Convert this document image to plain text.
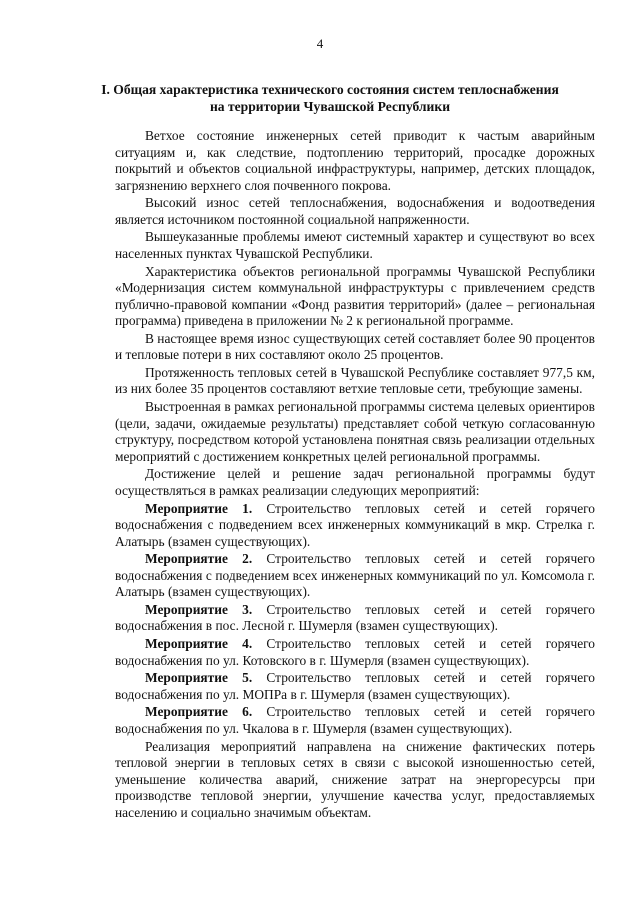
4
I. Общая характеристика технического состояния систем теплоснабжения
на территории Чувашской Республики

Ветхое состояние инженерных сетей приводит к частым аварийным ситуациям и, как следствие, подтоплению территорий, просадке дорожных покрытий и объектов социальной инфраструктуры, например, детских площадок, загрязнению верхнего слоя почвенного покрова.

Высокий износ сетей теплоснабжения, водоснабжения и водоотведения является источником постоянной социальной напряженности.

Вышеуказанные проблемы имеют системный характер и существуют во всех населенных пунктах Чувашской Республики.

Характеристика объектов региональной программы Чувашской Республики «Модернизация систем коммунальной инфраструктуры с привлечением средств публично-правовой компании «Фонд развития территорий» (далее – региональная программа) приведена в приложении № 2 к региональной программе.

В настоящее время износ существующих сетей составляет более 90 процентов и тепловые потери в них составляют около 25 процентов.

Протяженность тепловых сетей в Чувашской Республике составляет 977,5 км, из них более 35 процентов составляют ветхие тепловые сети, требующие замены.

Выстроенная в рамках региональной программы система целевых ориентиров (цели, задачи, ожидаемые результаты) представляет собой четкую согласованную структуру, посредством которой установлена понятная связь реализации отдельных мероприятий с достижением конкретных целей региональной программы.

Достижение целей и решение задач региональной программы будут осуществляться в рамках реализации следующих мероприятий:

Мероприятие 1. Строительство тепловых сетей и сетей горячего водоснабжения с подведением всех инженерных коммуникаций в мкр. Стрелка г. Алатырь (взамен существующих).

Мероприятие 2. Строительство тепловых сетей и сетей горячего водоснабжения с подведением всех инженерных коммуникаций по ул. Комсомола г. Алатырь (взамен существующих).

Мероприятие 3. Строительство тепловых сетей и сетей горячего водоснабжения в пос. Лесной г. Шумерля (взамен существующих).

Мероприятие 4. Строительство тепловых сетей и сетей горячего водоснабжения по ул. Котовского в г. Шумерля (взамен существующих).

Мероприятие 5. Строительство тепловых сетей и сетей горячего водоснабжения по ул. МОПРа в г. Шумерля (взамен существующих).

Мероприятие 6. Строительство тепловых сетей и сетей горячего водоснабжения по ул. Чкалова в г. Шумерля (взамен существующих).

Реализация мероприятий направлена на снижение фактических потерь тепловой энергии в тепловых сетях в связи с высокой изношенностью сетей, уменьшение количества аварий, снижение затрат на энергоресурсы при производстве тепловой энергии, улучшение качества услуг, предоставляемых населению и социально значимым объектам.
